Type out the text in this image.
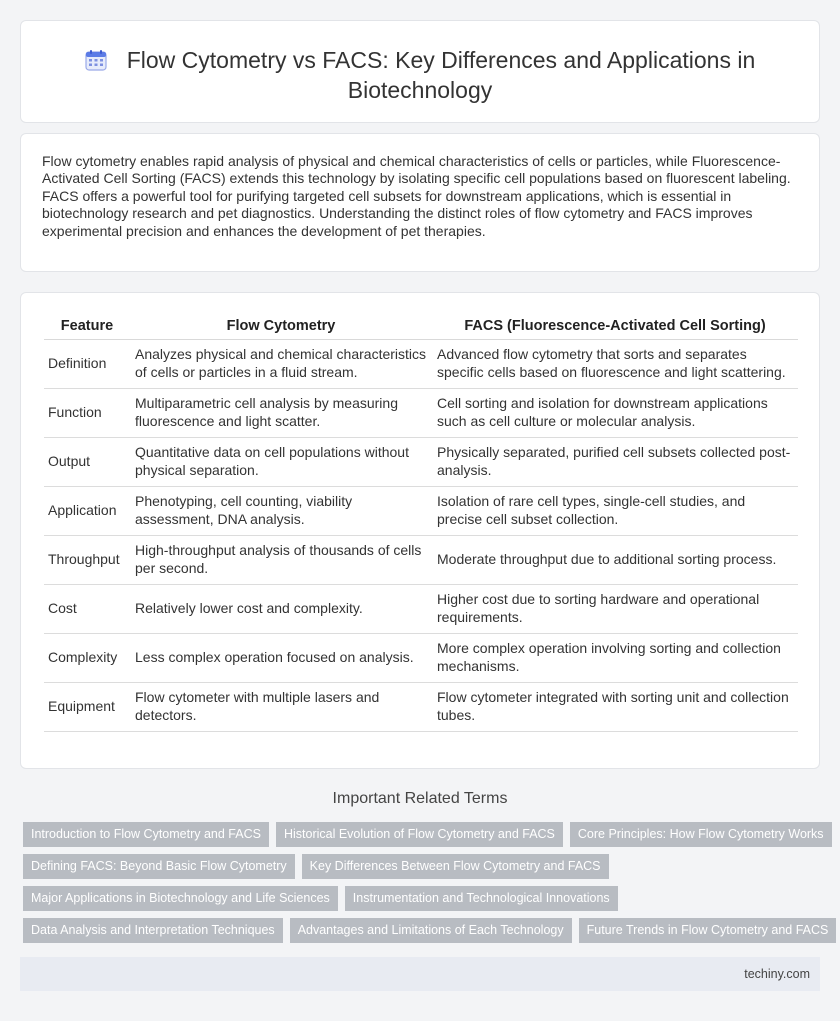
Flow Cytometry vs FACS: Key Differences and Applications in Biotechnology

Flow cytometry enables rapid analysis of physical and chemical characteristics of cells or particles, while Fluorescence-Activated Cell Sorting (FACS) extends this technology by isolating specific cell populations based on fluorescent labeling. FACS offers a powerful tool for purifying targeted cell subsets for downstream applications, which is essential in biotechnology research and pet diagnostics. Understanding the distinct roles of flow cytometry and FACS improves experimental precision and enhances the development of pet therapies.

Feature	Flow Cytometry	FACS (Fluorescence-Activated Cell Sorting)
Definition	Analyzes physical and chemical characteristics of cells or particles in a fluid stream.	Advanced flow cytometry that sorts and separates specific cells based on fluorescence and light scattering.
Function	Multiparametric cell analysis by measuring fluorescence and light scatter.	Cell sorting and isolation for downstream applications such as cell culture or molecular analysis.
Output	Quantitative data on cell populations without physical separation.	Physically separated, purified cell subsets collected post-analysis.
Application	Phenotyping, cell counting, viability assessment, DNA analysis.	Isolation of rare cell types, single-cell studies, and precise cell subset collection.
Throughput	High-throughput analysis of thousands of cells per second.	Moderate throughput due to additional sorting process.
Cost	Relatively lower cost and complexity.	Higher cost due to sorting hardware and operational requirements.
Complexity	Less complex operation focused on analysis.	More complex operation involving sorting and collection mechanisms.
Equipment	Flow cytometer with multiple lasers and detectors.	Flow cytometer integrated with sorting unit and collection tubes.
Important Related Terms
Introduction to Flow Cytometry and FACS	Historical Evolution of Flow Cytometry and FACS	Core Principles: How Flow Cytometry Works
Defining FACS: Beyond Basic Flow Cytometry	Key Differences Between Flow Cytometry and FACS
Major Applications in Biotechnology and Life Sciences	Instrumentation and Technological Innovations
Data Analysis and Interpretation Techniques	Advantages and Limitations of Each Technology	Future Trends in Flow Cytometry and FACS
techiny.com
